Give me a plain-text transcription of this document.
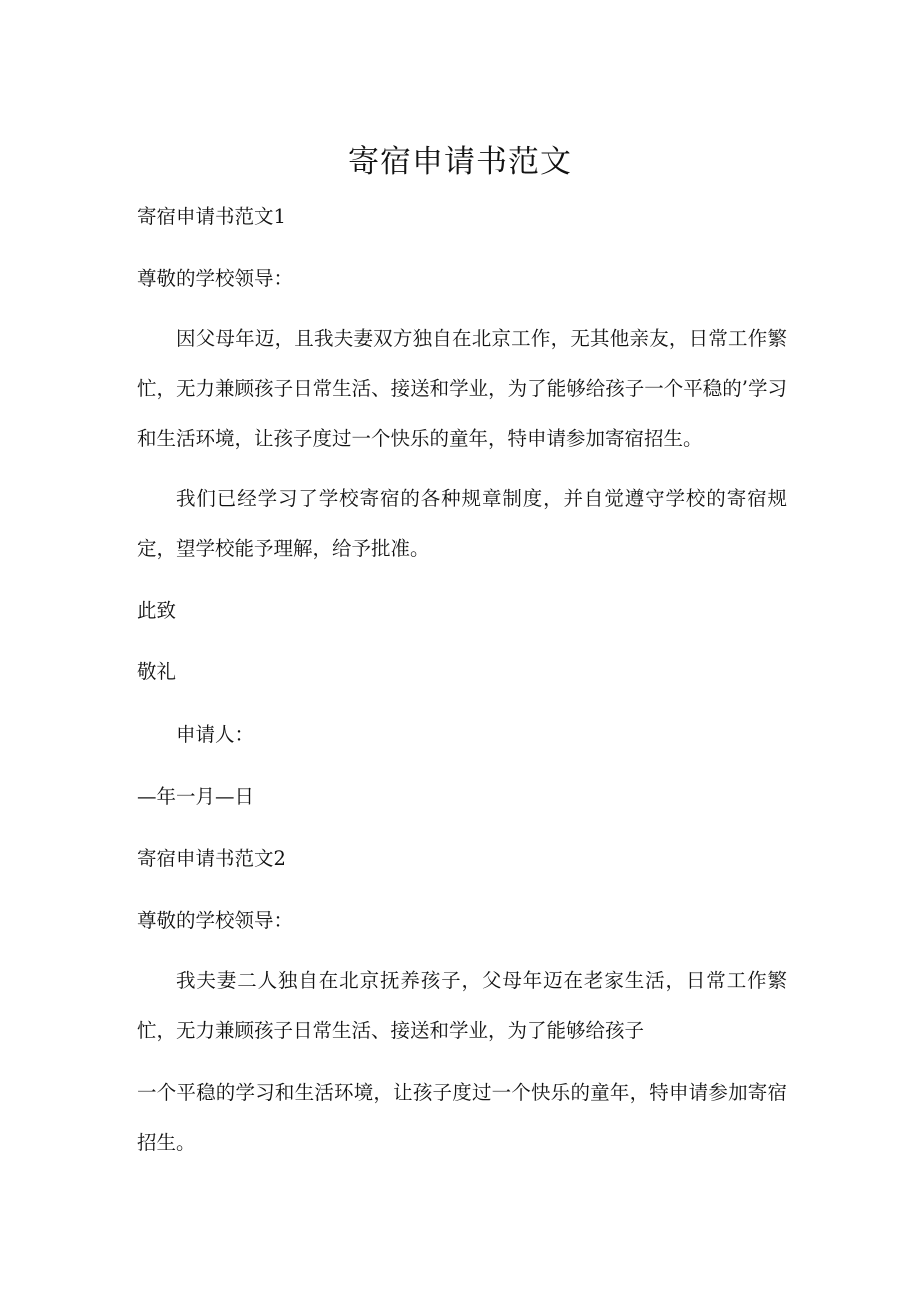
寄宿申请书范文

寄宿申请书范文1

尊敬的学校领导：

因父母年迈，且我夫妻双方独自在北京工作，无其他亲友，日常工作繁忙，无力兼顾孩子日常生活、接送和学业，为了能够给孩子一个平稳的’学习和生活环境，让孩子度过一个快乐的童年，特申请参加寄宿招生。

我们已经学习了学校寄宿的各种规章制度，并自觉遵守学校的寄宿规定，望学校能予理解，给予批准。

此致

敬礼

申请人：

—年一月—日

寄宿申请书范文2

尊敬的学校领导：

我夫妻二人独自在北京抚养孩子，父母年迈在老家生活，日常工作繁忙，无力兼顾孩子日常生活、接送和学业，为了能够给孩子

一个平稳的学习和生活环境，让孩子度过一个快乐的童年，特申请参加寄宿招生。
